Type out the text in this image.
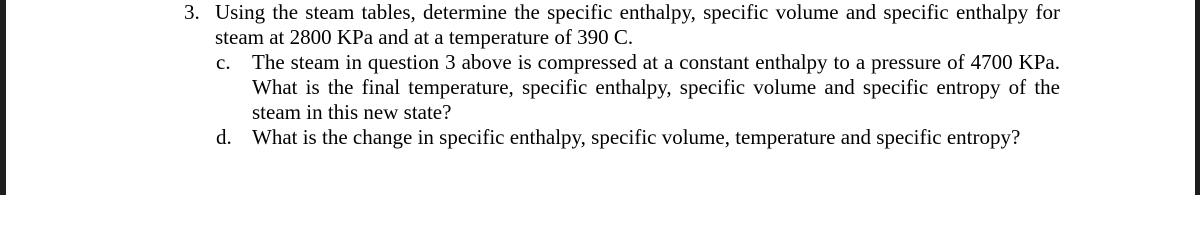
3. Using the steam tables, determine the specific enthalpy, specific volume and specific enthalpy for steam at 2800 KPa and at a temperature of 390 C.
c. The steam in question 3 above is compressed at a constant enthalpy to a pressure of 4700 KPa. What is the final temperature, specific enthalpy, specific volume and specific entropy of the steam in this new state?
d. What is the change in specific enthalpy, specific volume, temperature and specific entropy?
